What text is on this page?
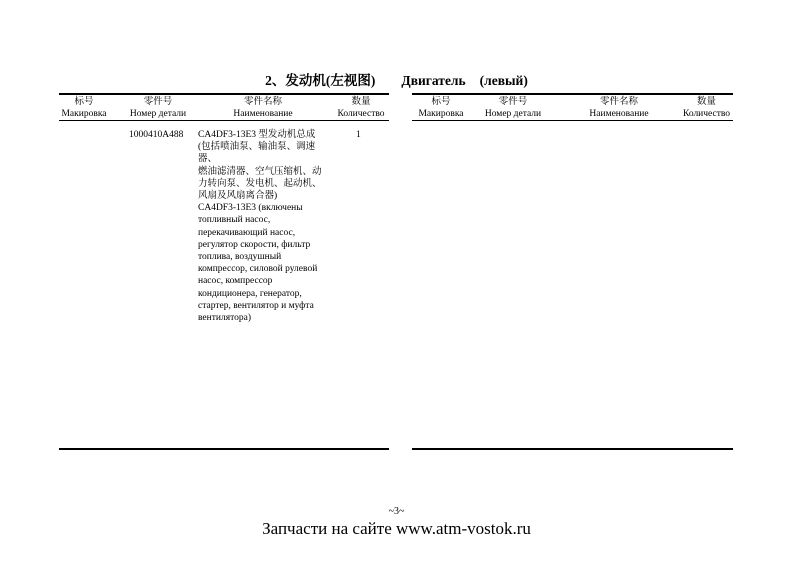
2、发动机(左视图) Двигатель (левый)
标号
Макировка
零件号
Номер детали
零件名称
Наименование
数量
Количество
1000410A488	CA4DF3-13E3 型发动机总成
(包括喷油泵、输油泵、调速器、
燃油滤清器、空气压缩机、动
力转向泵、发电机、起动机、
风扇及风扇离合器)
CA4DF3-13E3 (включены
топливный насос,
перекачивающий насос,
регулятор скорости, фильтр
топлива, воздушный
компрессор, силовой рулевой
насос, компрессор
кондиционера, генератор,
стартер, вентилятор и муфта
вентилятора)
1
标号
Макировка
零件号
Номер детали
零件名称
Наименование
数量
Количество
~3~
Запчасти на сайте www.atm-vostok.ru
